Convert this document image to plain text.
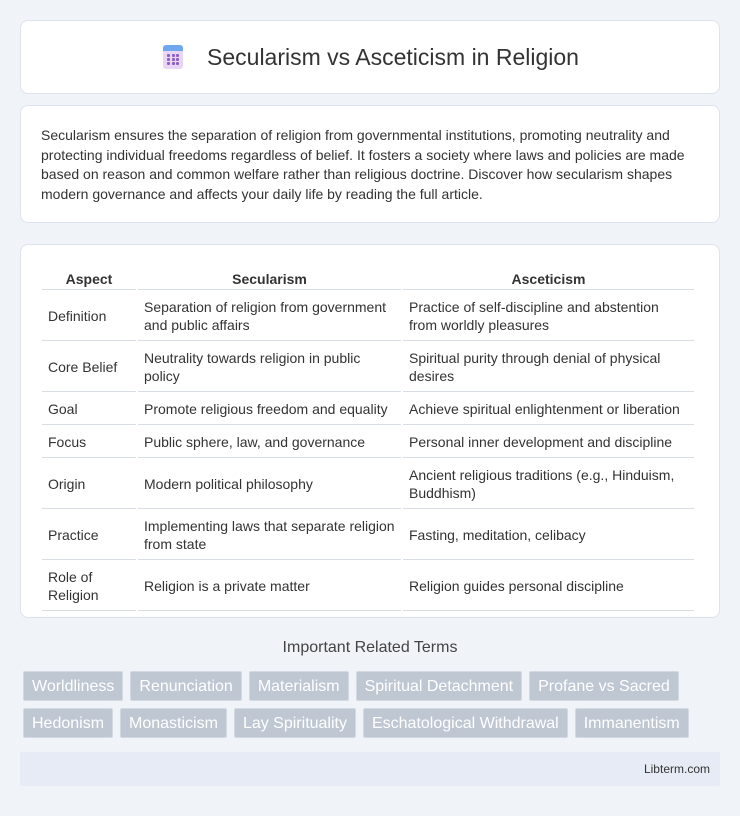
Secularism vs Asceticism in Religion

Secularism ensures the separation of religion from governmental institutions, promoting neutrality and protecting individual freedoms regardless of belief. It fosters a society where laws and policies are made based on reason and common welfare rather than religious doctrine. Discover how secularism shapes modern governance and affects your daily life by reading the full article.

Aspect	Secularism	Asceticism
Definition	Separation of religion from government and public affairs	Practice of self-discipline and abstention from worldly pleasures
Core Belief	Neutrality towards religion in public policy	Spiritual purity through denial of physical desires
Goal	Promote religious freedom and equality	Achieve spiritual enlightenment or liberation
Focus	Public sphere, law, and governance	Personal inner development and discipline
Origin	Modern political philosophy	Ancient religious traditions (e.g., Hinduism, Buddhism)
Practice	Implementing laws that separate religion from state	Fasting, meditation, celibacy
Role of Religion	Religion is a private matter	Religion guides personal discipline
Important Related Terms
Worldliness	Renunciation	Materialism	Spiritual Detachment	Profane vs Sacred
Hedonism	Monasticism	Lay Spirituality	Eschatological Withdrawal	Immanentism
Libterm.com
